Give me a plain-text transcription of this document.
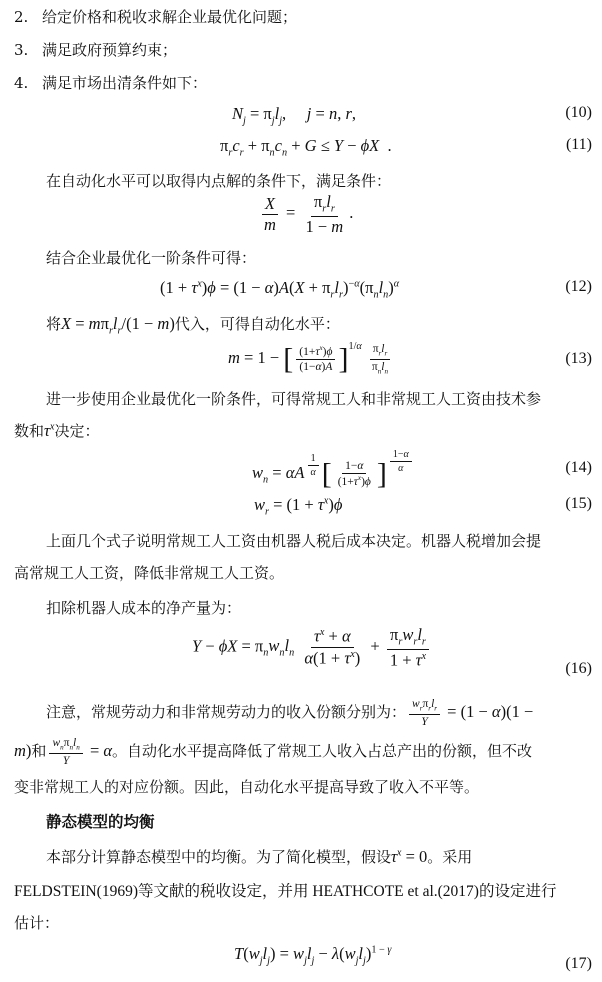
2. 给定价格和税收求解企业最优化问题；
3. 满足政府预算约束；
4. 满足市场出清条件如下：
$N_j = \pi_jl_j$,     j = n, r,	(10)
$\pi_rc_r + \pi_nc_n + G \le Y - \phi X$  .	(11)
在自动化水平可以取得内点解的条件下，满足条件：
$\frac{X}{m} = \frac{\pi_rl_r}{1 - m}$ .
结合企业最优化一阶条件可得：
$(1 + \tau^x)\phi = (1 - \alpha)A(X + \pi_rl_r)^{-\alpha}(\pi_nl_n)^\alpha$	(12)
将$X = m\pi_rl_r/(1 - m)$代入，可得自动化水平：
m = 1 − [ $\frac{(1+\tau^x)\phi}{(1-\alpha)A} ]^{1/\alpha} \frac{\pi_rl_r}{\pi_nl_n}$	(13)
进一步使用企业最优化一阶条件，可得常规工人和非常规工人工资由技术参
数和$\tau^x$决定：
$w_n = \alpha A$ $^{\frac{1}{\alpha}}$ [ $\frac{1-\alpha}{(1+\tau^x)\phi}$ ] $^{\frac{1-\alpha}{\alpha}}$	(14)
$w_r = (1 + \tau^x)\phi$	(15)
上面几个式子说明常规工人工资由机器人税后成本决定。机器人税增加会提
高常规工人工资，降低非常规工人工资。
扣除机器人成本的净产量为：
$Y - \phi X = \pi_nw_nl_n \frac{\tau^x + \alpha}{\alpha(1 + \tau^x)} + \frac{\pi_rw_rl_r}{1 + \tau^x}$	(16)
注意，常规劳动力和非常规劳动力的收入份额分别为： $\frac{w_r\pi_rl_r}{Y} = (1 - \alpha)(1$ −
m)和 $\frac{w_n\pi_nl_n}{Y} = \alpha$。自动化水平提高降低了常规工人收入占总产出的份额，但不改
变非常规工人的对应份额。因此，自动化水平提高导致了收入不平等。
静态模型的均衡
本部分计算静态模型中的均衡。为了简化模型，假设$\tau^x = 0$。采用
FELDSTEIN(1969)等文献的税收设定，并用 HEATHCOTE et al.(2017)的设定进行
估计：
$T(w_jl_j) = w_jl_j - \lambda(w_jl_j)^{1 - \gamma}$
(17)
